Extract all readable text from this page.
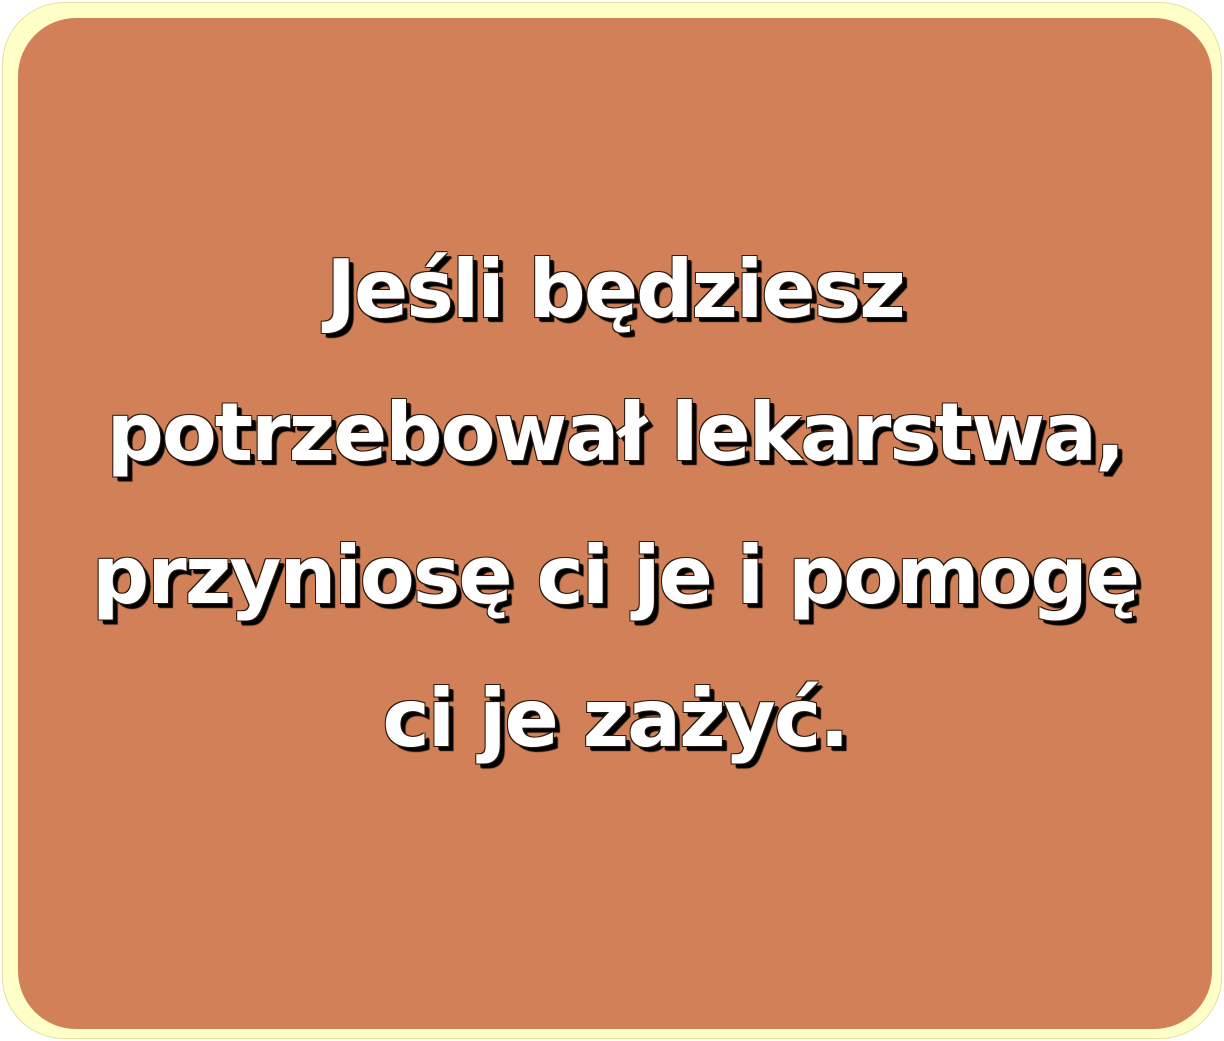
Jeśli będziesz
potrzebował lekarstwa,
przyniosę ci je i pomogę
ci je zażyć.
